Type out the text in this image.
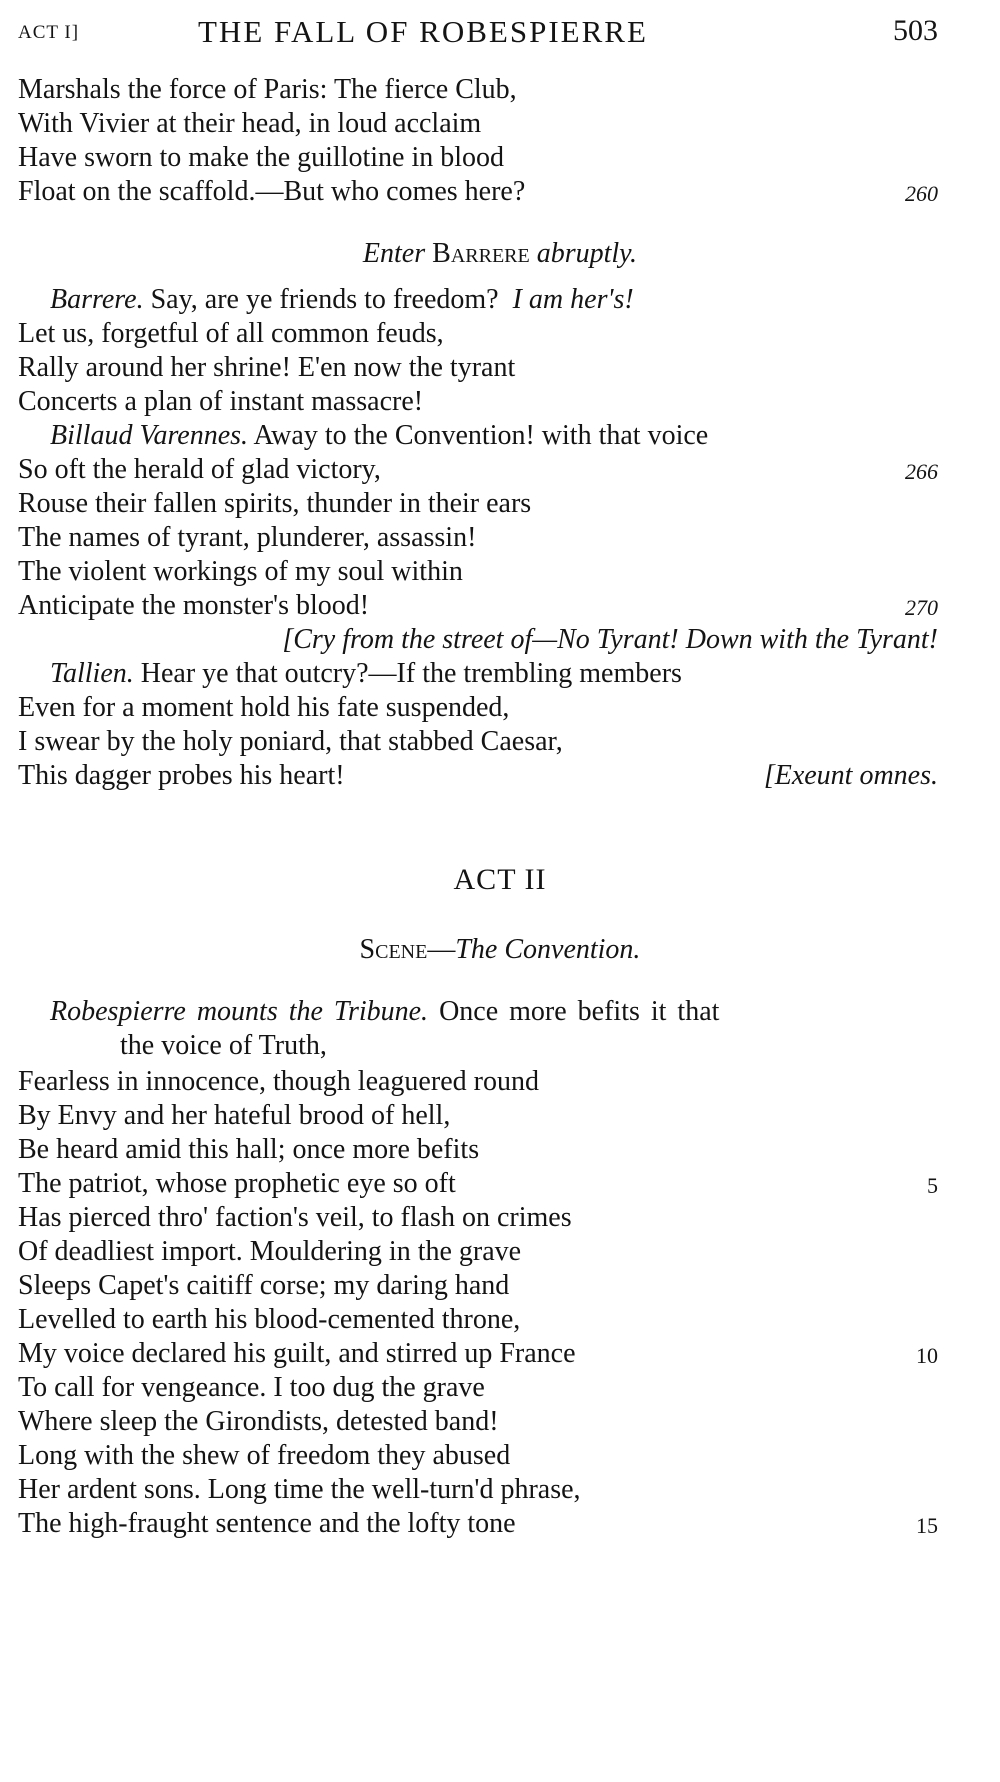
ACT I]	THE FALL OF ROBESPIERRE	503
Marshals the force of Paris: The fierce Club,
With Vivier at their head, in loud acclaim
Have sworn to make the guillotine in blood
Float on the scaffold.—But who comes here?	260
Enter Barrere abruptly.
Barrere. Say, are ye friends to freedom? I am her's!
Let us, forgetful of all common feuds,
Rally around her shrine! E'en now the tyrant
Concerts a plan of instant massacre!
Billaud Varennes. Away to the Convention! with that voice
So oft the herald of glad victory,	266
Rouse their fallen spirits, thunder in their ears
The names of tyrant, plunderer, assassin!
The violent workings of my soul within
Anticipate the monster's blood!	270
[Cry from the street of—No Tyrant! Down with the Tyrant!
Tallien. Hear ye that outcry?—If the trembling members
Even for a moment hold his fate suspended,
I swear by the holy poniard, that stabbed Caesar,
This dagger probes his heart!	[Exeunt omnes.
ACT II
Scene—The Convention.
Robespierre mounts the Tribune. Once more befits it that
the voice of Truth,
Fearless in innocence, though leaguered round
By Envy and her hateful brood of hell,
Be heard amid this hall; once more befits
The patriot, whose prophetic eye so oft	5
Has pierced thro' faction's veil, to flash on crimes
Of deadliest import. Mouldering in the grave
Sleeps Capet's caitiff corse; my daring hand
Levelled to earth his blood-cemented throne,
My voice declared his guilt, and stirred up France	10
To call for vengeance. I too dug the grave
Where sleep the Girondists, detested band!
Long with the shew of freedom they abused
Her ardent sons. Long time the well-turn'd phrase,
The high-fraught sentence and the lofty tone	15
